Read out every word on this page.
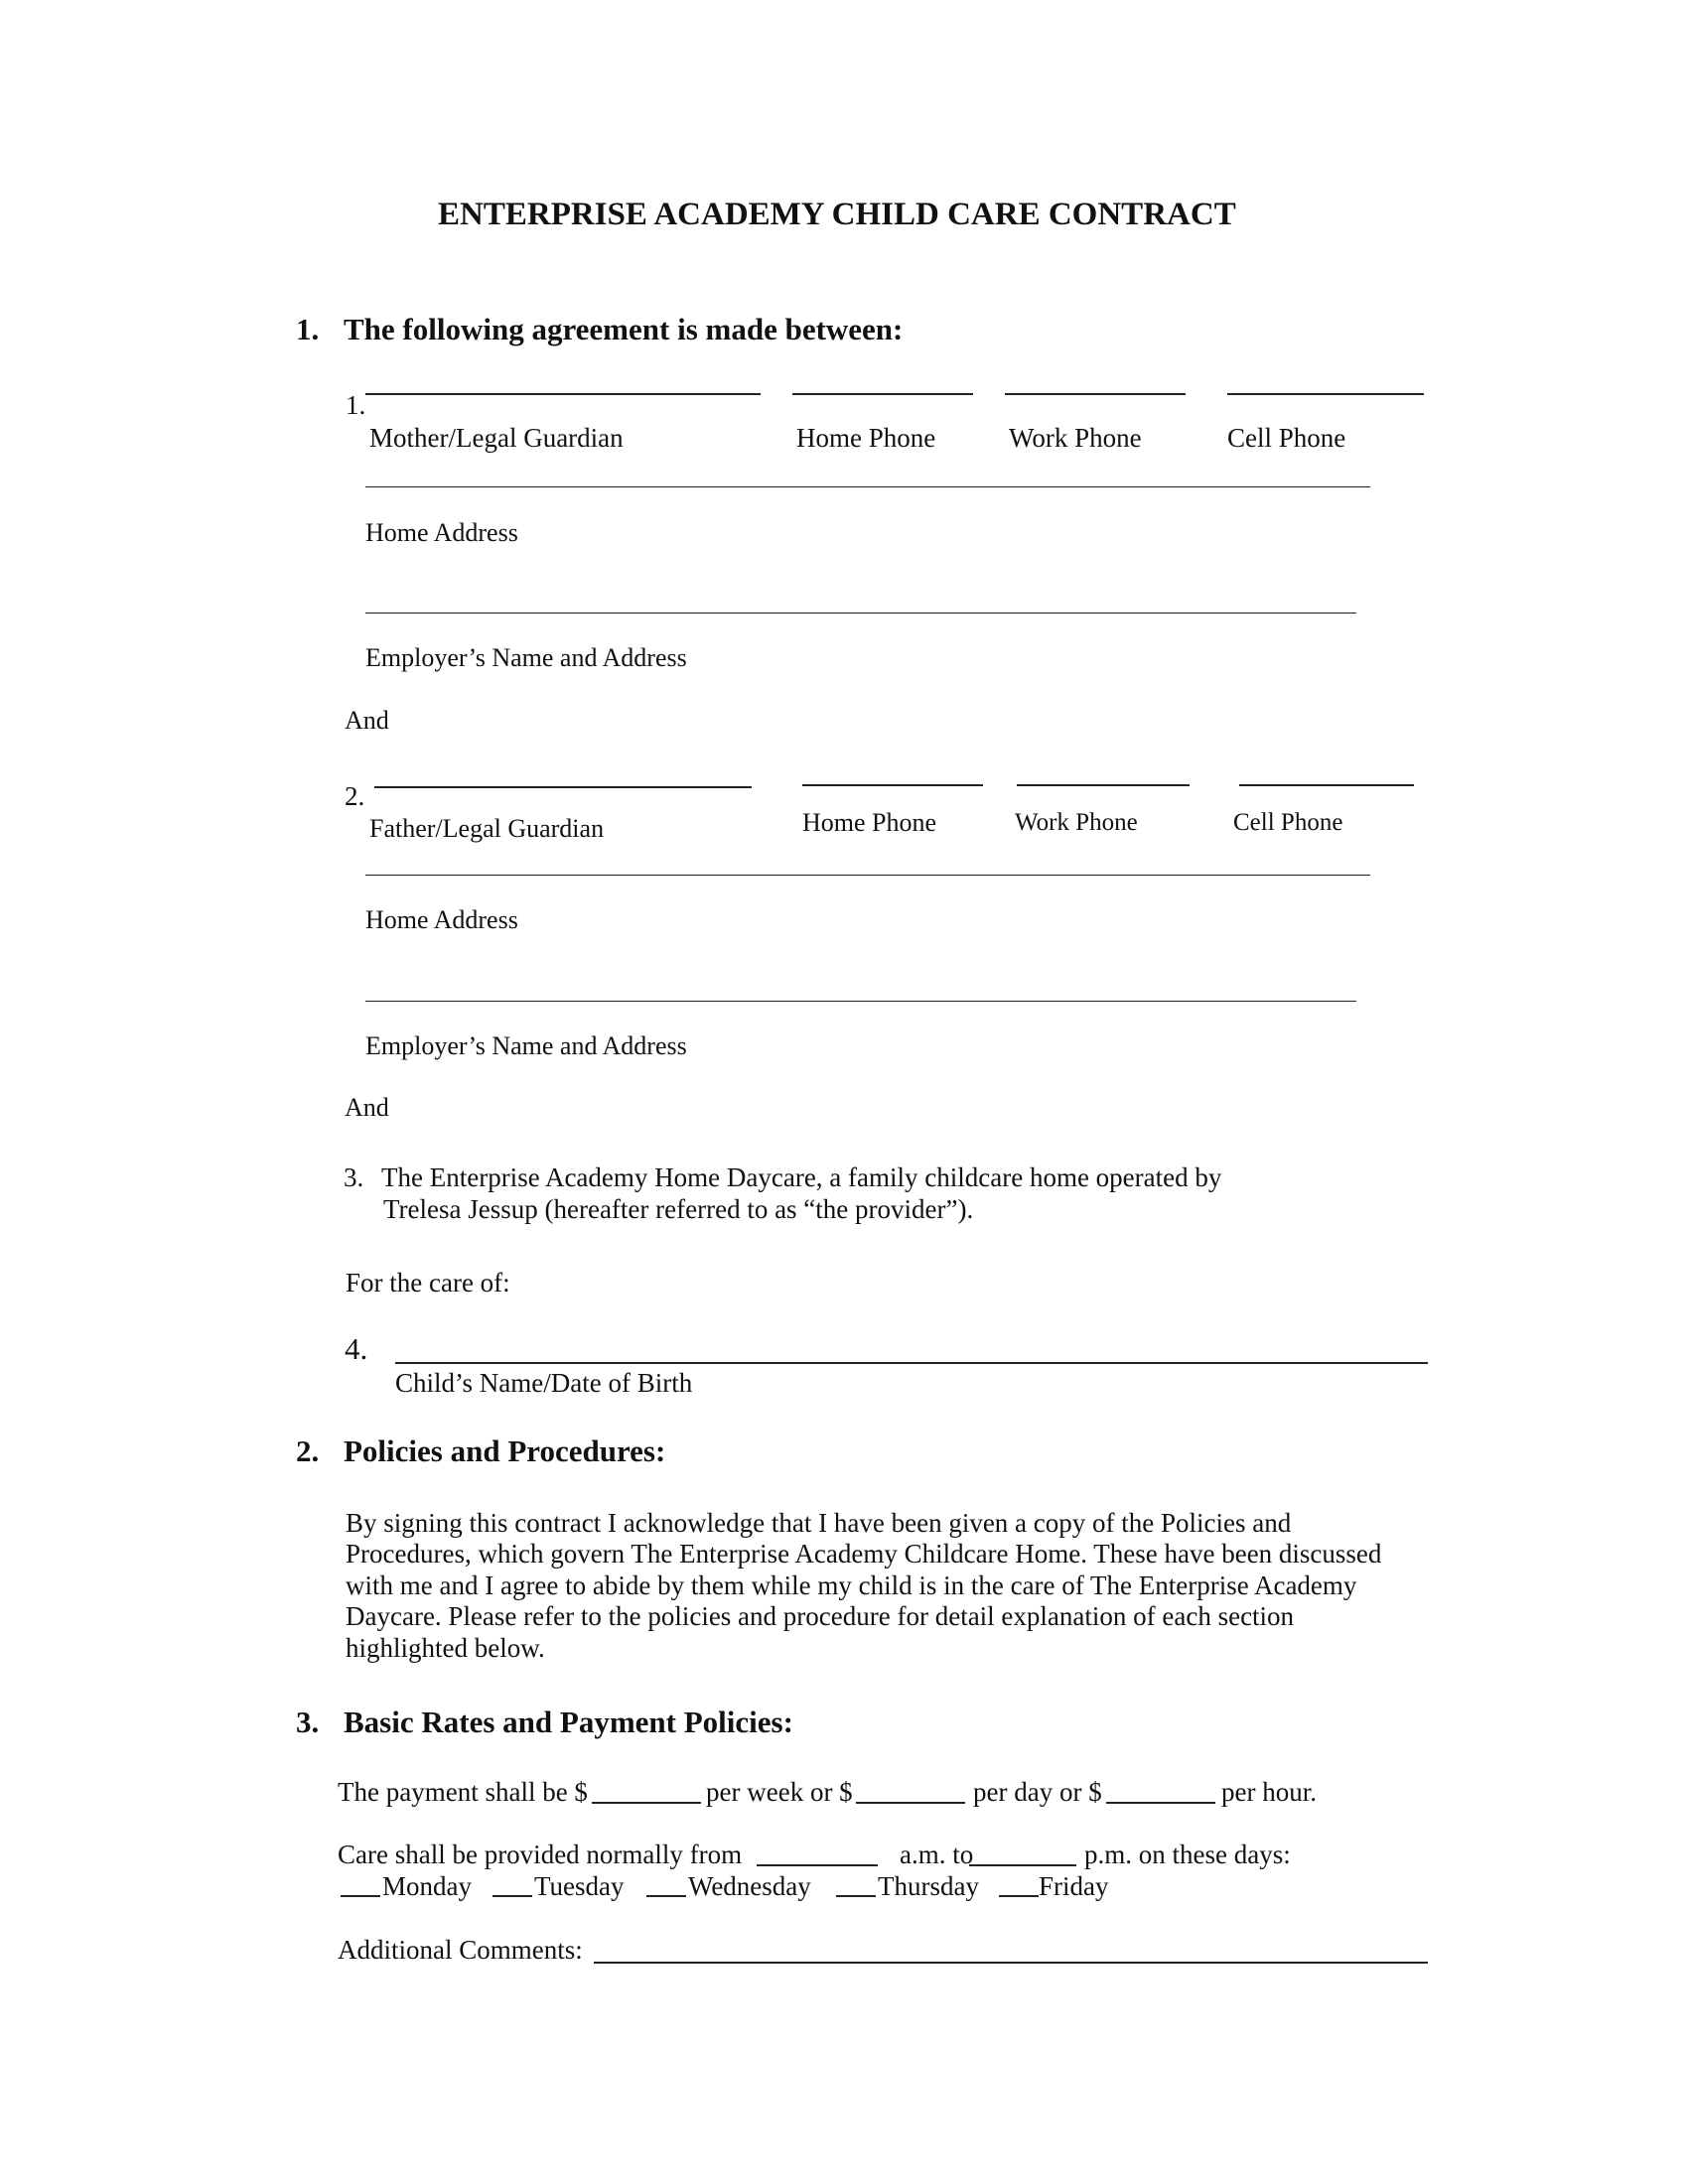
ENTERPRISE ACADEMY CHILD CARE CONTRACT
1. The following agreement is made between:
1.
Mother/Legal Guardian	Home Phone	Work Phone	Cell Phone
Home Address
Employer’s Name and Address
And
2.
Father/Legal Guardian	Home Phone	Work Phone	Cell Phone
Home Address
Employer’s Name and Address
And
3. The Enterprise Academy Home Daycare, a family childcare home operated by
Trelesa Jessup (hereafter referred to as “the provider”).
For the care of:
4.
Child’s Name/Date of Birth
2. Policies and Procedures:
By signing this contract I acknowledge that I have been given a copy of the Policies and
Procedures, which govern The Enterprise Academy Childcare Home. These have been discussed
with me and I agree to abide by them while my child is in the care of The Enterprise Academy
Daycare. Please refer to the policies and procedure for detail explanation of each section
highlighted below.
3. Basic Rates and Payment Policies:
The payment shall be $	per week or $	per day or $	per hour.
Care shall be provided normally from	a.m. to	p.m. on these days:
Monday Tuesday Wednesday Thursday Friday
Additional Comments:
